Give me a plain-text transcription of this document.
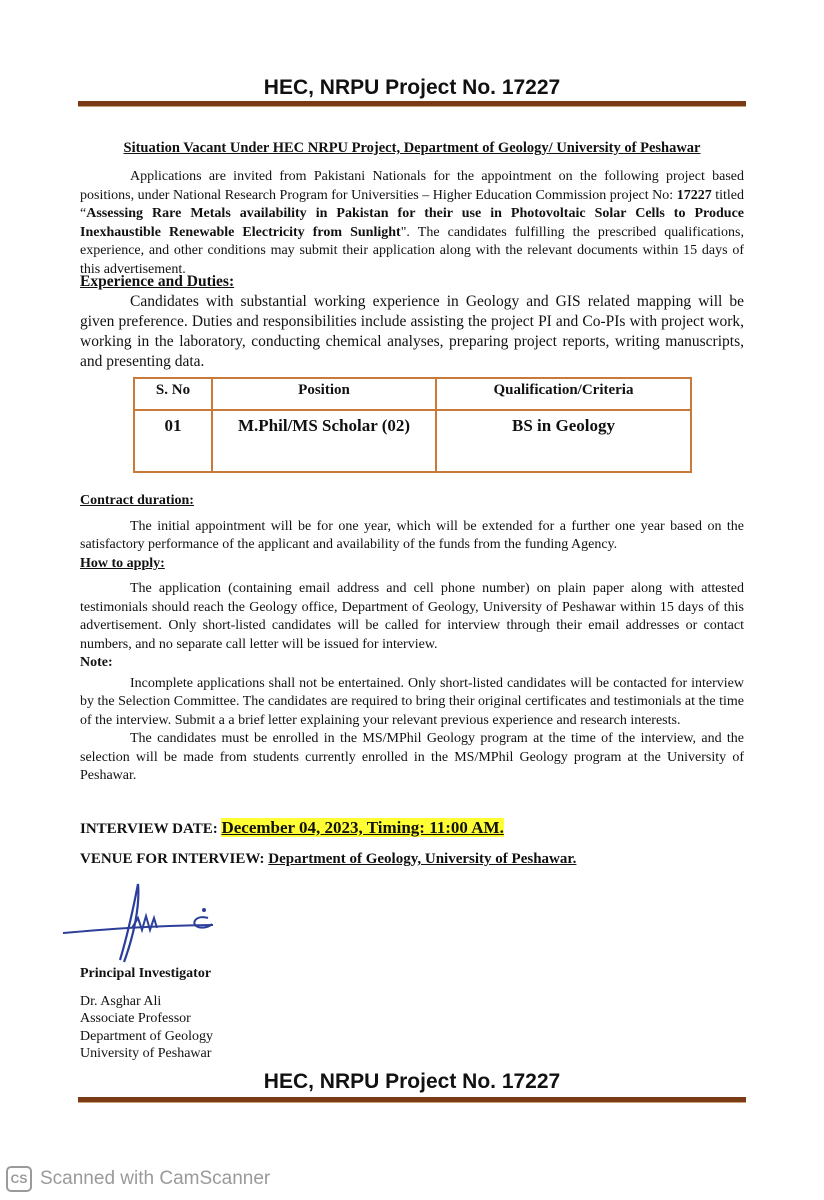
HEC, NRPU Project No. 17227
Situation Vacant Under HEC NRPU Project, Department of Geology/ University of Peshawar

Applications are invited from Pakistani Nationals for the appointment on the following project based positions, under National Research Program for Universities – Higher Education Commission project No: 17227 titled “Assessing Rare Metals availability in Pakistan for their use in Photovoltaic Solar Cells to Produce Inexhaustible Renewable Electricity from Sunlight". The candidates fulfilling the prescribed qualifications, experience, and other conditions may submit their application along with the relevant documents within 15 days of this advertisement.

Experience and Duties:

Candidates with substantial working experience in Geology and GIS related mapping will be given preference. Duties and responsibilities include assisting the project PI and Co-PIs with project work, working in the laboratory, conducting chemical analyses, preparing project reports, writing manuscripts, and presenting data.

S. No	Position	Qualification/Criteria
01	M.Phil/MS Scholar (02)	BS in Geology

Contract duration:

The initial appointment will be for one year, which will be extended for a further one year based on the satisfactory performance of the applicant and availability of the funds from the funding Agency.

How to apply:

The application (containing email address and cell phone number) on plain paper along with attested testimonials should reach the Geology office, Department of Geology, University of Peshawar within 15 days of this advertisement. Only short-listed candidates will be called for interview through their email addresses or contact numbers, and no separate call letter will be issued for interview.

Note:

Incomplete applications shall not be entertained. Only short-listed candidates will be contacted for interview by the Selection Committee. The candidates are required to bring their original certificates and testimonials at the time of the interview. Submit a a brief letter explaining your relevant previous experience and research interests.

The candidates must be enrolled in the MS/MPhil Geology program at the time of the interview, and the selection will be made from students currently enrolled in the MS/MPhil Geology program at the University of Peshawar.

INTERVIEW DATE: December 04, 2023, Timing: 11:00 AM.
VENUE FOR INTERVIEW: Department of Geology, University of Peshawar.
Principal Investigator
Dr. Asghar Ali
Associate Professor
Department of Geology
University of Peshawar
HEC, NRPU Project No. 17227
CS Scanned with CamScanner
